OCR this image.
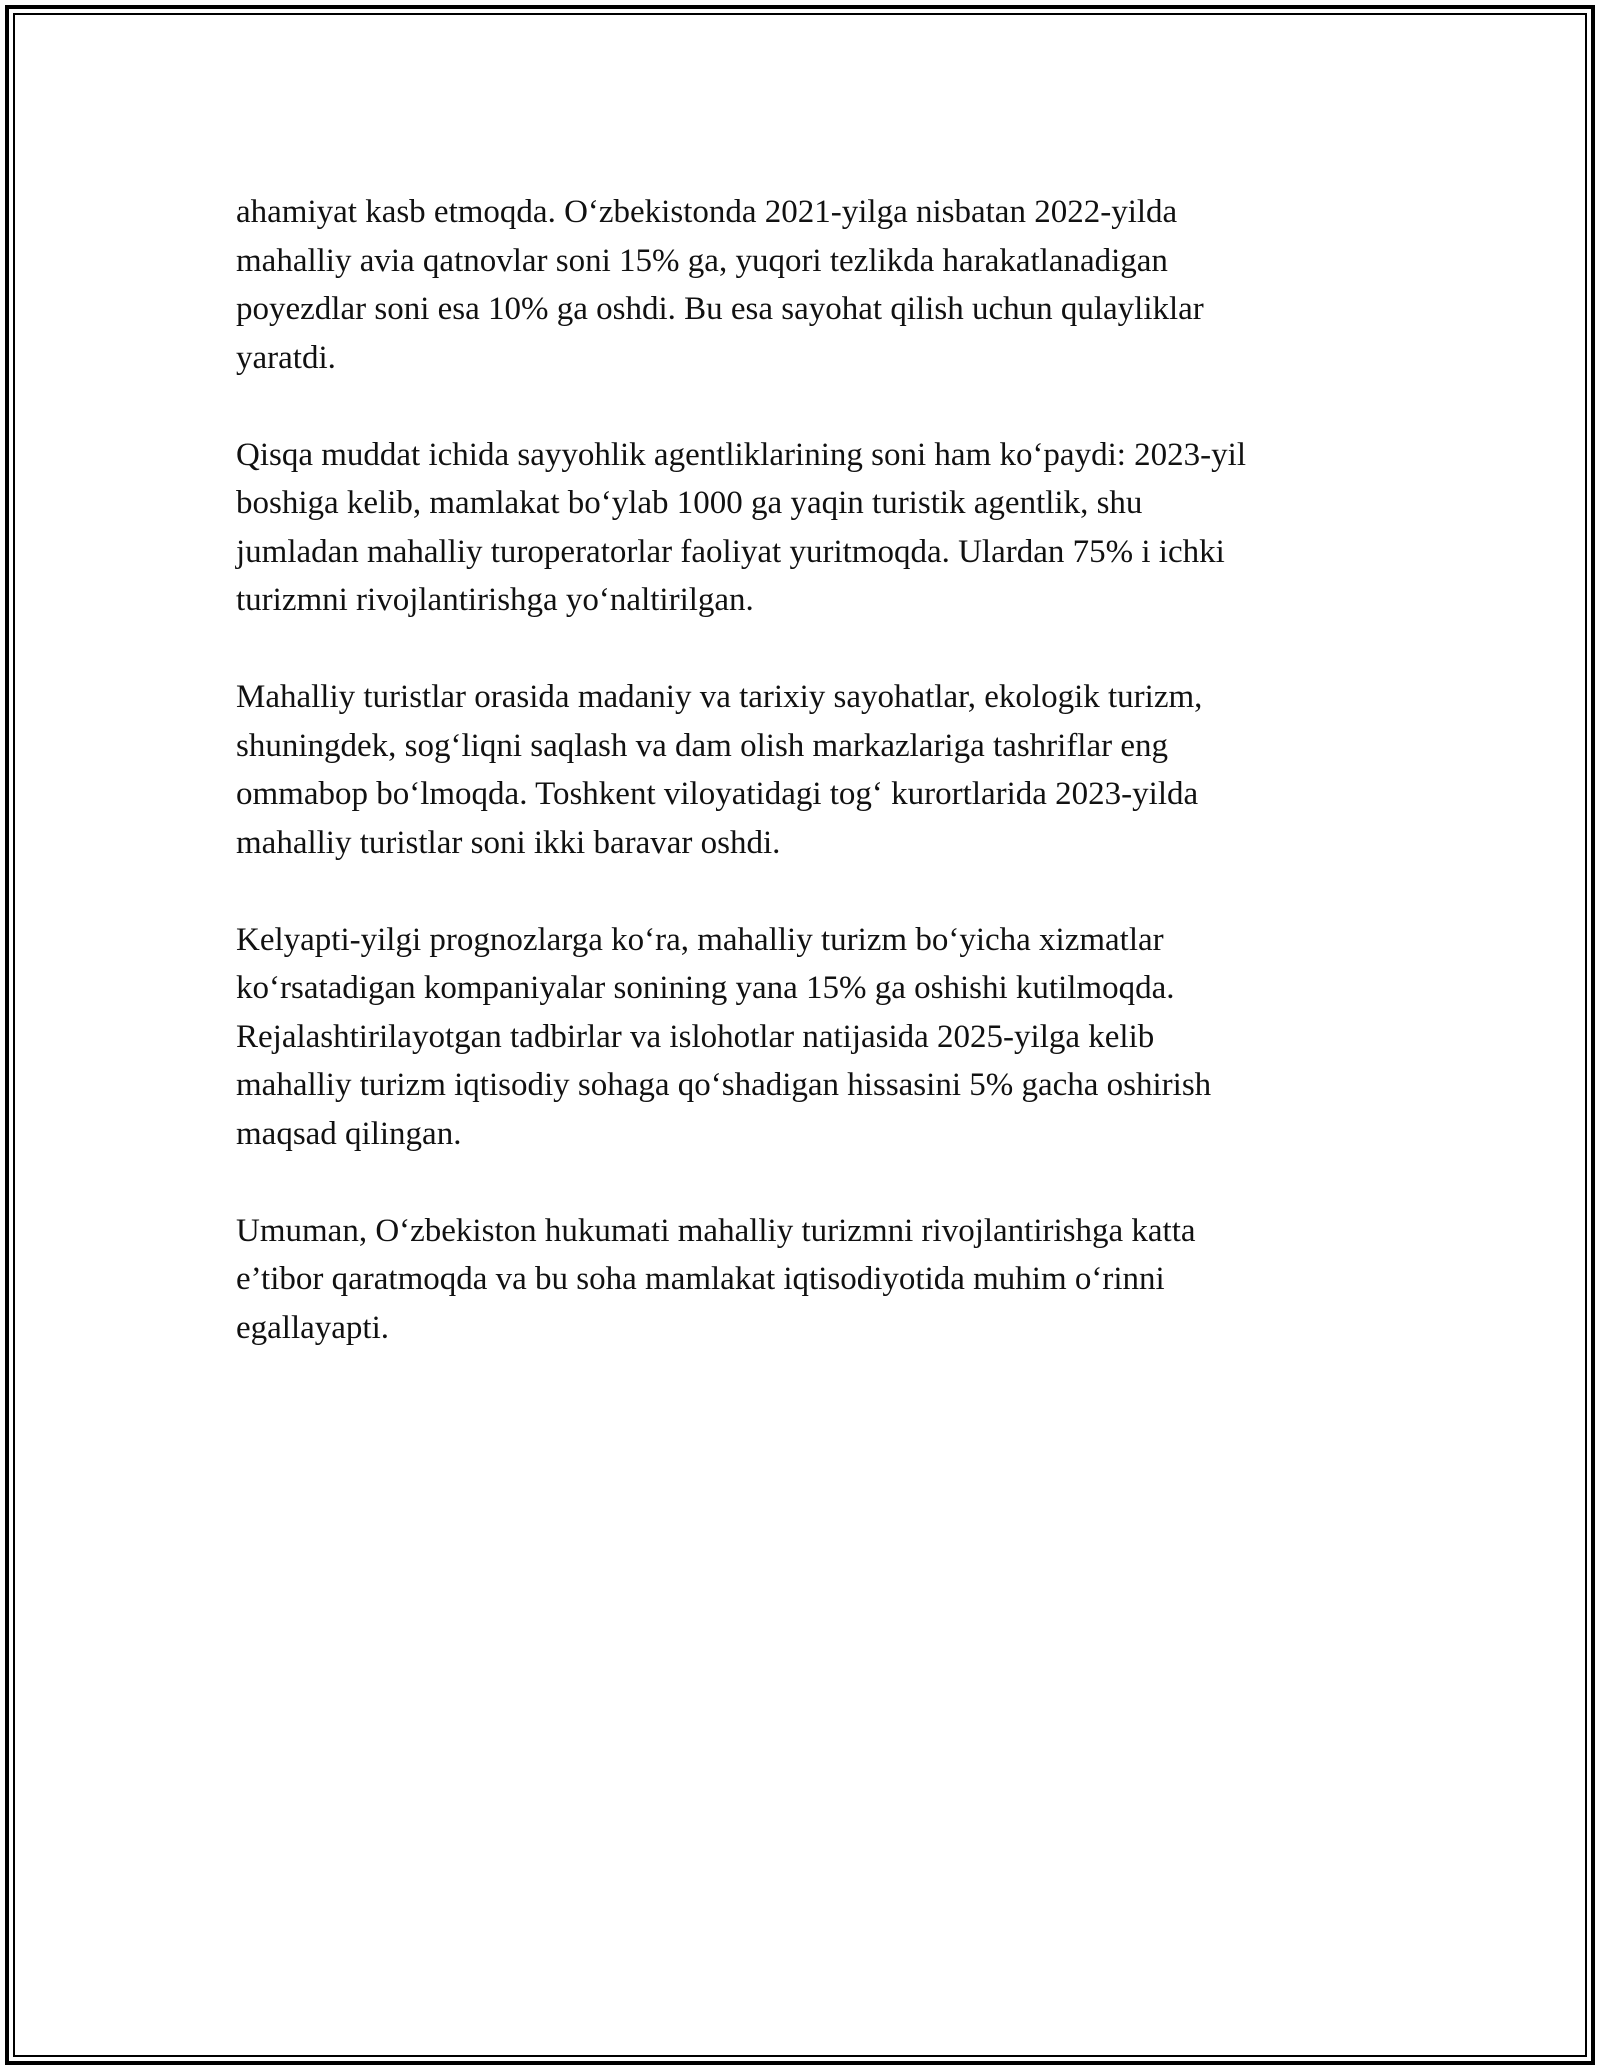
ahamiyat kasb etmoqda. O‘zbekistonda 2021-yilga nisbatan 2022-yilda
mahalliy avia qatnovlar soni 15% ga, yuqori tezlikda harakatlanadigan
poyezdlar soni esa 10% ga oshdi. Bu esa sayohat qilish uchun qulayliklar
yaratdi.

Qisqa muddat ichida sayyohlik agentliklarining soni ham ko‘paydi: 2023-yil
boshiga kelib, mamlakat bo‘ylab 1000 ga yaqin turistik agentlik, shu
jumladan mahalliy turoperatorlar faoliyat yuritmoqda. Ulardan 75% i ichki
turizmni rivojlantirishga yo‘naltirilgan.

Mahalliy turistlar orasida madaniy va tarixiy sayohatlar, ekologik turizm,
shuningdek, sog‘liqni saqlash va dam olish markazlariga tashriflar eng
ommabop bo‘lmoqda. Toshkent viloyatidagi tog‘ kurortlarida 2023-yilda
mahalliy turistlar soni ikki baravar oshdi.

Kelyapti-yilgi prognozlarga ko‘ra, mahalliy turizm bo‘yicha xizmatlar
ko‘rsatadigan kompaniyalar sonining yana 15% ga oshishi kutilmoqda.
Rejalashtirilayotgan tadbirlar va islohotlar natijasida 2025-yilga kelib
mahalliy turizm iqtisodiy sohaga qo‘shadigan hissasini 5% gacha oshirish
maqsad qilingan.

Umuman, O‘zbekiston hukumati mahalliy turizmni rivojlantirishga katta
e’tibor qaratmoqda va bu soha mamlakat iqtisodiyotida muhim o‘rinni
egallayapti.
